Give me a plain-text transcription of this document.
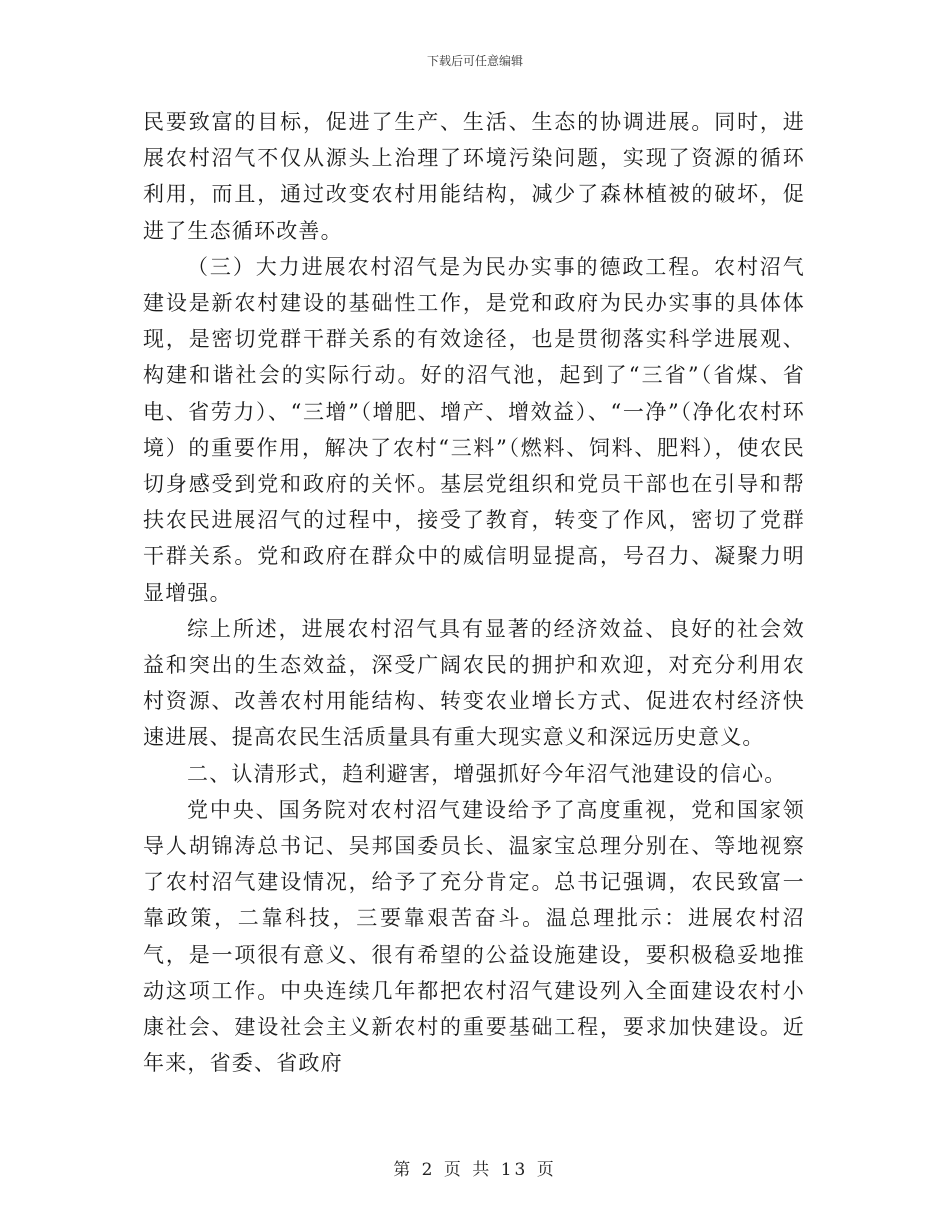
下载后可任意编辑

民要致富的目标，促进了生产、生活、生态的协调进展。同时，进展农村沼气不仅从源头上治理了环境污染问题，实现了资源的循环利用，而且，通过改变农村用能结构，减少了森林植被的破坏，促进了生态循环改善。

（三）大力进展农村沼气是为民办实事的德政工程。农村沼气建设是新农村建设的基础性工作，是党和政府为民办实事的具体体现，是密切党群干群关系的有效途径，也是贯彻落实科学进展观、构建和谐社会的实际行动。好的沼气池，起到了“三省”（省煤、省电、省劳力）、“三增”（增肥、增产、增效益）、“一净”（净化农村环境）的重要作用，解决了农村“三料”（燃料、饲料、肥料），使农民切身感受到党和政府的关怀。基层党组织和党员干部也在引导和帮扶农民进展沼气的过程中，接受了教育，转变了作风，密切了党群干群关系。党和政府在群众中的威信明显提高，号召力、凝聚力明显增强。

综上所述，进展农村沼气具有显著的经济效益、良好的社会效益和突出的生态效益，深受广阔农民的拥护和欢迎，对充分利用农村资源、改善农村用能结构、转变农业增长方式、促进农村经济快速进展、提高农民生活质量具有重大现实意义和深远历史意义。

二、认清形式，趋利避害，增强抓好今年沼气池建设的信心。

党中央、国务院对农村沼气建设给予了高度重视，党和国家领导人胡锦涛总书记、吴邦国委员长、温家宝总理分别在、等地视察了农村沼气建设情况，给予了充分肯定。总书记强调，农民致富一靠政策，二靠科技，三要靠艰苦奋斗。温总理批示：进展农村沼气，是一项很有意义、很有希望的公益设施建设，要积极稳妥地推动这项工作。中央连续几年都把农村沼气建设列入全面建设农村小康社会、建设社会主义新农村的重要基础工程，要求加快建设。近年来，省委、省政府

第 2 页 共 13 页
